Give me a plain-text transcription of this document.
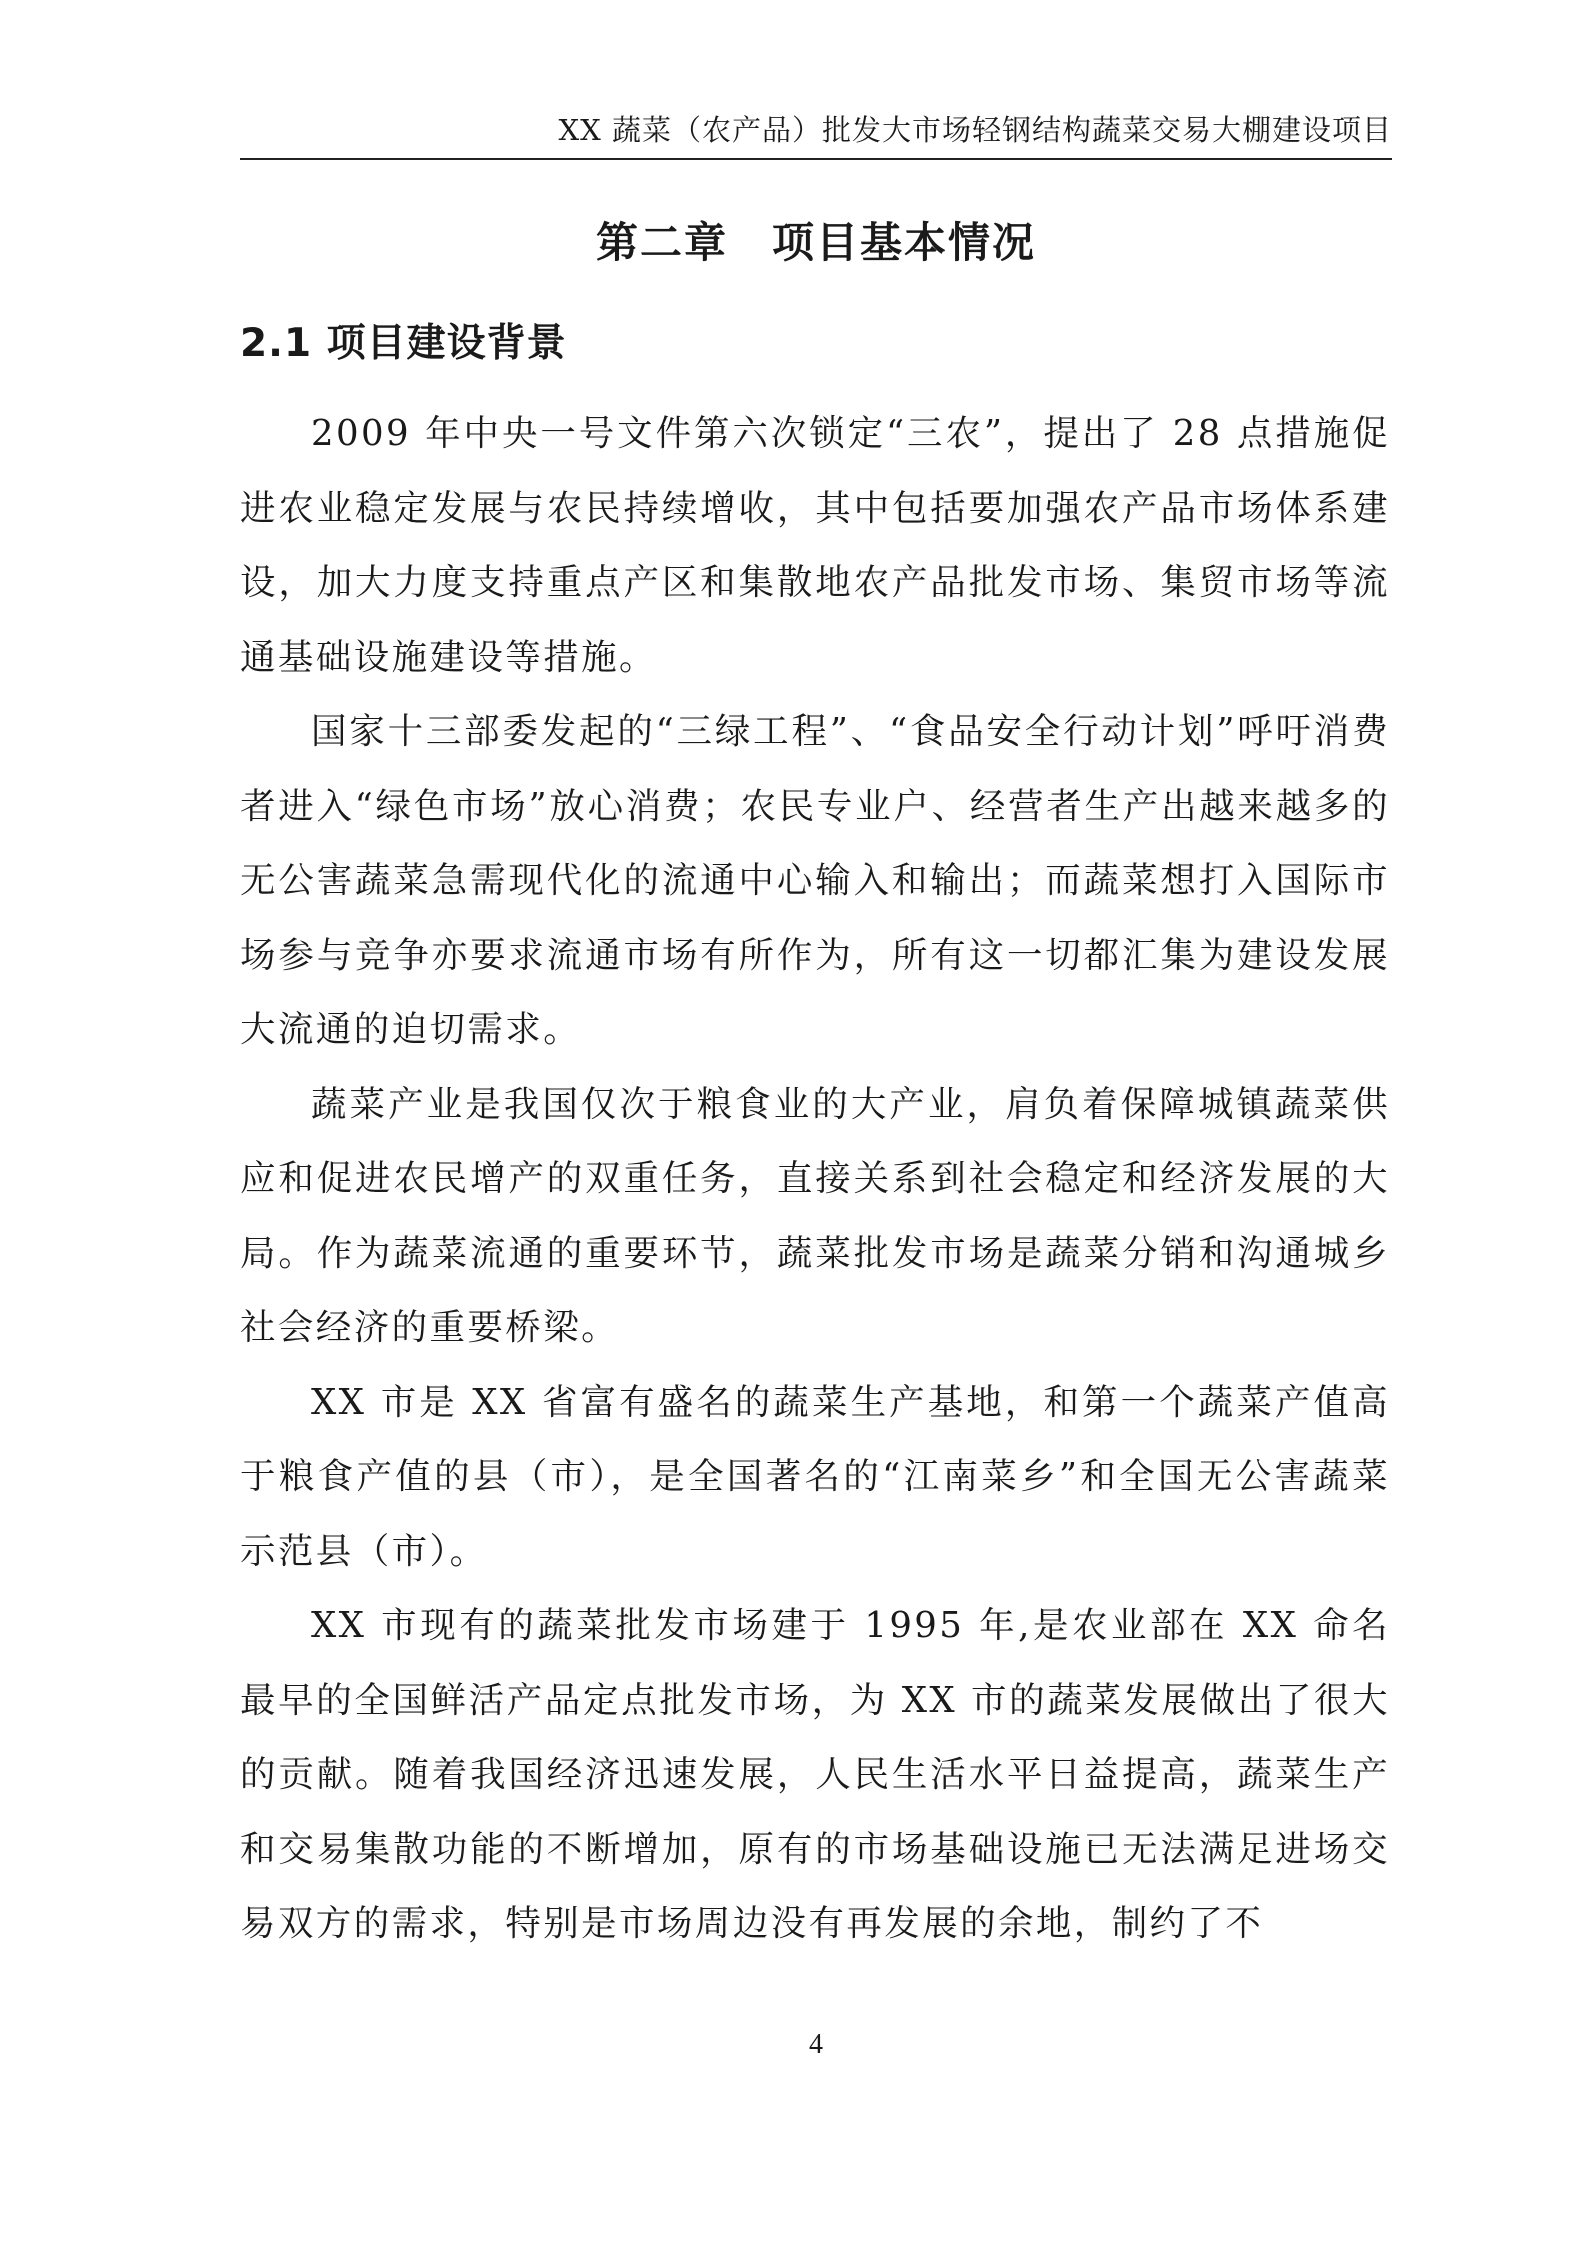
XX 蔬菜（农产品）批发大市场轻钢结构蔬菜交易大棚建设项目
第二章　项目基本情况
2.1 项目建设背景

2009 年中央一号文件第六次锁定“三农”，提出了 28 点措施促进农业稳定发展与农民持续增收，其中包括要加强农产品市场体系建设，加大力度支持重点产区和集散地农产品批发市场、集贸市场等流通基础设施建设等措施。

国家十三部委发起的“三绿工程”、“食品安全行动计划”呼吁消费者进入“绿色市场”放心消费；农民专业户、经营者生产出越来越多的无公害蔬菜急需现代化的流通中心输入和输出；而蔬菜想打入国际市场参与竞争亦要求流通市场有所作为，所有这一切都汇集为建设发展大流通的迫切需求。

蔬菜产业是我国仅次于粮食业的大产业，肩负着保障城镇蔬菜供应和促进农民增产的双重任务，直接关系到社会稳定和经济发展的大局。作为蔬菜流通的重要环节，蔬菜批发市场是蔬菜分销和沟通城乡社会经济的重要桥梁。

XX 市是 XX 省富有盛名的蔬菜生产基地，和第一个蔬菜产值高于粮食产值的县（市），是全国著名的“江南菜乡”和全国无公害蔬菜示范县（市）。

XX 市现有的蔬菜批发市场建于 1995 年,是农业部在 XX 命名最早的全国鲜活产品定点批发市场，为 XX 市的蔬菜发展做出了很大的贡献。随着我国经济迅速发展，人民生活水平日益提高，蔬菜生产和交易集散功能的不断增加，原有的市场基础设施已无法满足进场交易双方的需求，特别是市场周边没有再发展的余地，制约了不

4
